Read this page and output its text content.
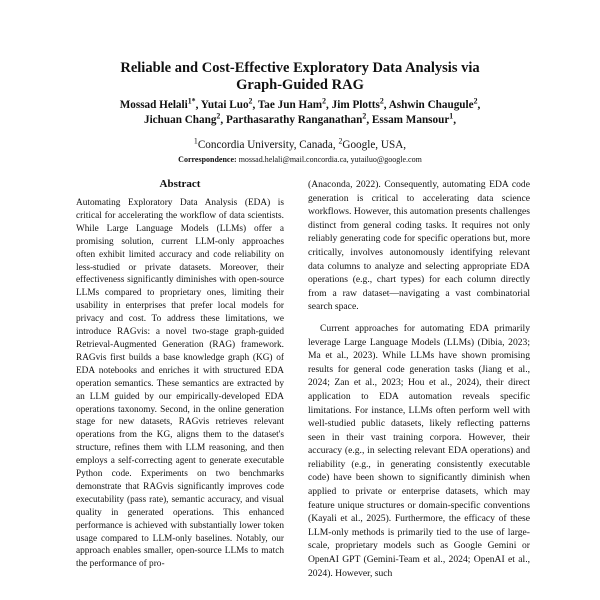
Reliable and Cost-Effective Exploratory Data Analysis via
Graph-Guided RAG
Mossad Helali$^{1*}$, Yutai Luo$^2$, Tae Jun Ham$^2$, Jim Plotts$^2$, Ashwin Chaugule$^2$,
Jichuan Chang$^2$, Parthasarathy Ranganathan$^2$, Essam Mansour$^1$,
$^1$Concordia University, Canada, $^2$Google, USA,
Correspondence: mossad.helali@mail.concordia.ca, yutailuo@google.com
Abstract
Automating Exploratory Data Analysis (EDA) is critical for accelerating the workflow of data scientists. While Large Language Models (LLMs) offer a promising solution, current LLM-only approaches often exhibit limited accuracy and code reliability on less-studied or private datasets. Moreover, their effectiveness significantly diminishes with open-source LLMs compared to proprietary ones, limiting their usability in enterprises that prefer local models for privacy and cost. To address these limitations, we introduce RAGvis: a novel two-stage graph-guided Retrieval-Augmented Generation (RAG) framework. RAGvis first builds a base knowledge graph (KG) of EDA notebooks and enriches it with structured EDA operation semantics. These semantics are extracted by an LLM guided by our empirically-developed EDA operations taxonomy. Second, in the online generation stage for new datasets, RAGvis retrieves relevant operations from the KG, aligns them to the dataset's structure, refines them with LLM reasoning, and then employs a self-correcting agent to generate executable Python code. Experiments on two benchmarks demonstrate that RAGvis significantly improves code executability (pass rate), semantic accuracy, and visual quality in generated operations. This enhanced performance is achieved with substantially lower token usage compared to LLM-only baselines. Notably, our approach enables smaller, open-source LLMs to match the performance of pro-

(Anaconda, 2022). Consequently, automating EDA code generation is critical to accelerating data science workflows. However, this automation presents challenges distinct from general coding tasks. It requires not only reliably generating code for specific operations but, more critically, involves autonomously identifying relevant data columns to analyze and selecting appropriate EDA operations (e.g., chart types) for each column directly from a raw dataset—navigating a vast combinatorial search space.

Current approaches for automating EDA primarily leverage Large Language Models (LLMs) (Dibia, 2023; Ma et al., 2023). While LLMs have shown promising results for general code generation tasks (Jiang et al., 2024; Zan et al., 2023; Hou et al., 2024), their direct application to EDA automation reveals specific limitations. For instance, LLMs often perform well with well-studied public datasets, likely reflecting patterns seen in their vast training corpora. However, their accuracy (e.g., in selecting relevant EDA operations) and reliability (e.g., in generating consistently executable code) have been shown to significantly diminish when applied to private or enterprise datasets, which may feature unique structures or domain-specific conventions (Kayali et al., 2025). Furthermore, the efficacy of these LLM-only methods is primarily tied to the use of large-scale, proprietary models such as Google Gemini or OpenAI GPT (Gemini-Team et al., 2024; OpenAI et al., 2024). However, such
